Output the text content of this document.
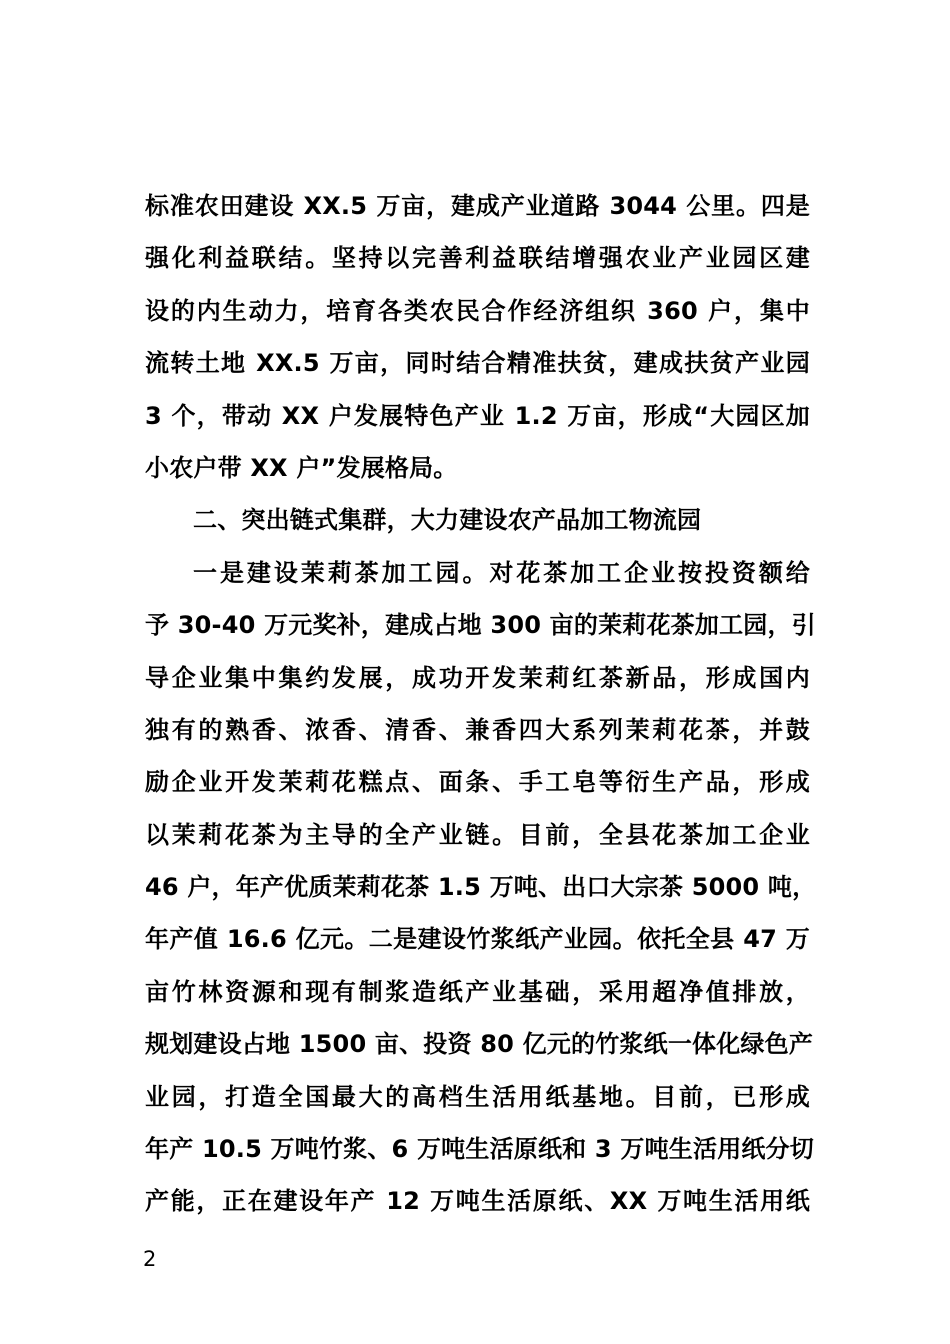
标准农田建设 XX.5 万亩，建成产业道路 3044 公里。四是
强化利益联结。坚持以完善利益联结增强农业产业园区建
设的内生动力，培育各类农民合作经济组织 360 户，集中
流转土地 XX.5 万亩，同时结合精准扶贫，建成扶贫产业园
3 个，带动 XX 户发展特色产业 1.2 万亩，形成“大园区加
小农户带 XX 户”发展格局。
二、突出链式集群，大力建设农产品加工物流园
一是建设茉莉茶加工园。对花茶加工企业按投资额给
予 30-40 万元奖补，建成占地 300 亩的茉莉花茶加工园，引
导企业集中集约发展，成功开发茉莉红茶新品，形成国内
独有的熟香、浓香、清香、兼香四大系列茉莉花茶，并鼓
励企业开发茉莉花糕点、面条、手工皂等衍生产品，形成
以茉莉花茶为主导的全产业链。目前，全县花茶加工企业
46 户，年产优质茉莉花茶 1.5 万吨、出口大宗茶 5000 吨，
年产值 16.6 亿元。二是建设竹浆纸产业园。依托全县 47 万
亩竹林资源和现有制浆造纸产业基础，采用超净值排放，
规划建设占地 1500 亩、投资 80 亿元的竹浆纸一体化绿色产
业园，打造全国最大的高档生活用纸基地。目前，已形成
年产 10.5 万吨竹浆、6 万吨生活原纸和 3 万吨生活用纸分切
产能，正在建设年产 12 万吨生活原纸、XX 万吨生活用纸
2
